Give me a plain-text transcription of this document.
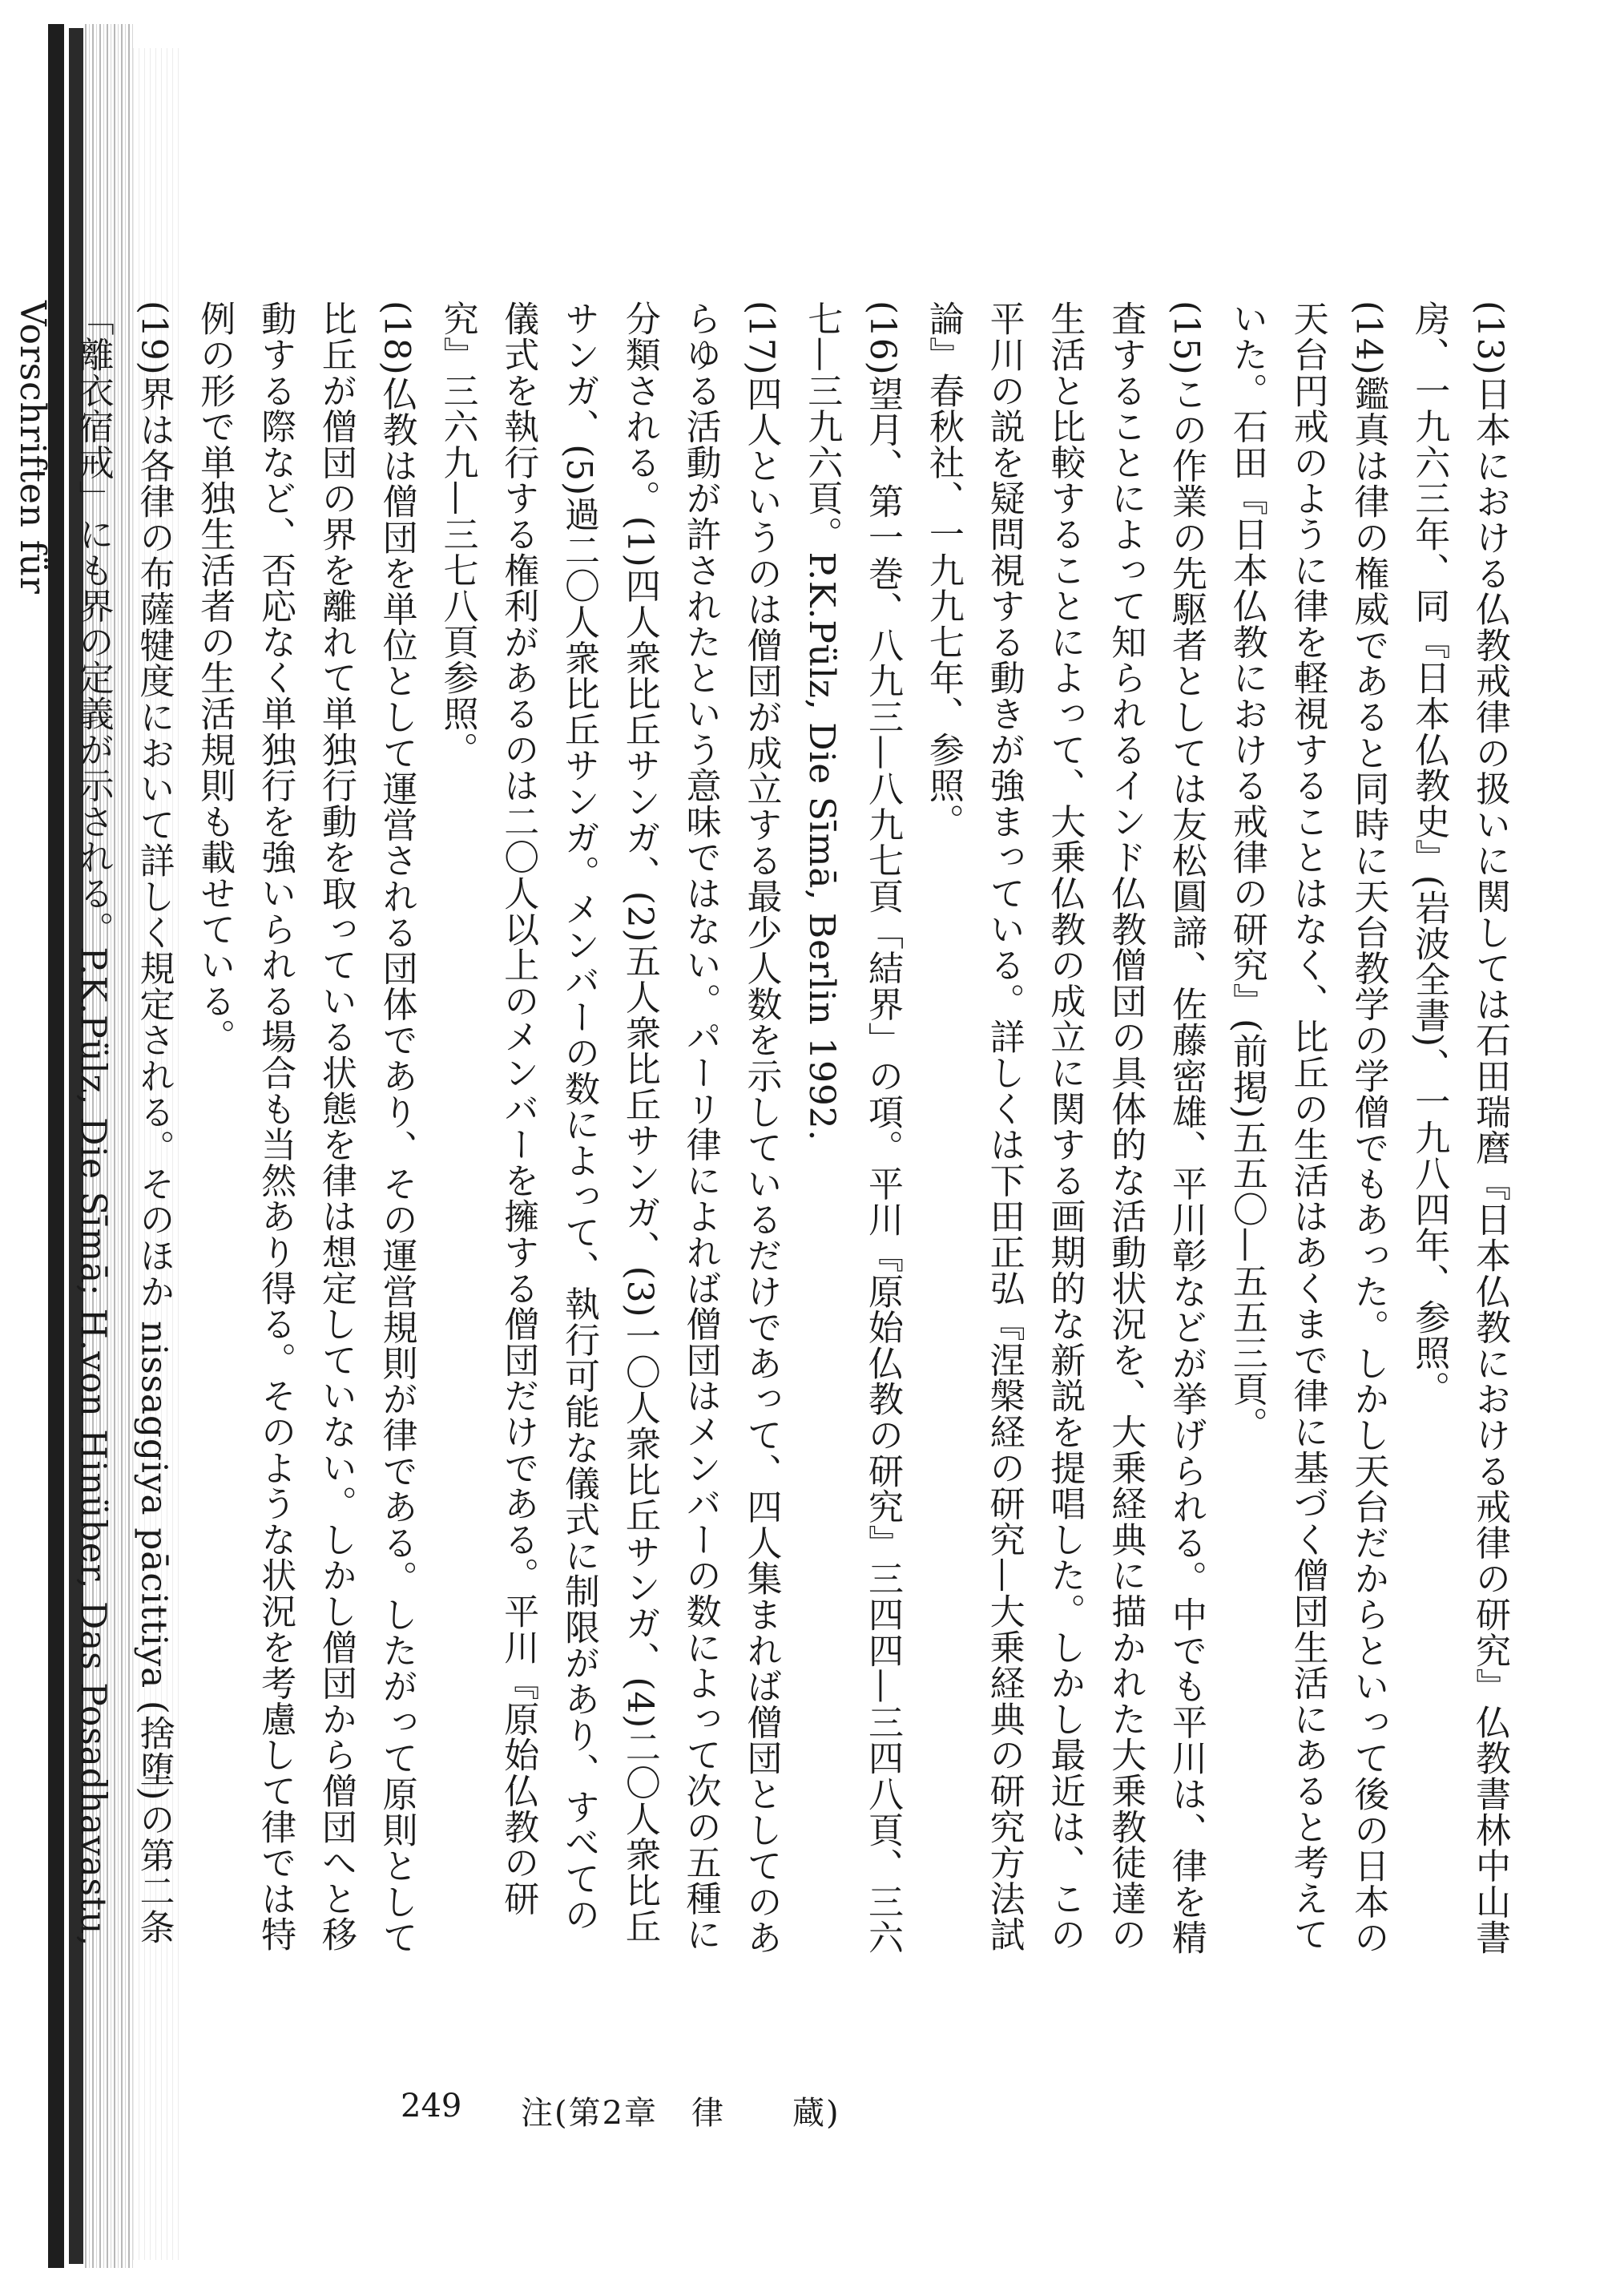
(13)日本における仏教戒律の扱いに関しては石田瑞麿『日本仏教における戒律の研究』仏教書林中山書房、一九六三年、同『日本仏教史』(岩波全書)、一九八四年、参照。

(14)鑑真は律の権威であると同時に天台教学の学僧でもあった。しかし天台だからといって後の日本の天台円戒のように律を軽視することはなく、比丘の生活はあくまで律に基づく僧団生活にあると考えていた。石田『日本仏教における戒律の研究』(前掲)五五〇—五五三頁。

(15)この作業の先駆者としては友松圓諦、佐藤密雄、平川彰などが挙げられる。中でも平川は、律を精査することによって知られるインド仏教僧団の具体的な活動状況を、大乗経典に描かれた大乗教徒達の生活と比較することによって、大乗仏教の成立に関する画期的な新説を提唱した。しかし最近は、この平川の説を疑問視する動きが強まっている。詳しくは下田正弘『涅槃経の研究—大乗経典の研究方法試論』春秋社、一九九七年、参照。

(16)望月、第一巻、八九三—八九七頁「結界」の項。平川『原始仏教の研究』三四四—三四八頁、三六七—三九六頁。P.K.Pülz, Die Sīmā, Berlin 1992.

(17)四人というのは僧団が成立する最少人数を示しているだけであって、四人集まれば僧団としてのあらゆる活動が許されたという意味ではない。パーリ律によれば僧団はメンバーの数によって次の五種に分類される。(1)四人衆比丘サンガ、(2)五人衆比丘サンガ、(3)一〇人衆比丘サンガ、(4)二〇人衆比丘サンガ、(5)過二〇人衆比丘サンガ。メンバーの数によって、執行可能な儀式に制限があり、すべての儀式を執行する権利があるのは二〇人以上のメンバーを擁する僧団だけである。平川『原始仏教の研究』三六九—三七八頁参照。

(18)仏教は僧団を単位として運営される団体であり、その運営規則が律である。したがって原則として比丘が僧団の界を離れて単独行動を取っている状態を律は想定していない。しかし僧団から僧団へと移動する際など、否応なく単独行を強いられる場合も当然あり得る。そのような状況を考慮して律では特例の形で単独生活者の生活規則も載せている。

(19)界は各律の布薩犍度において詳しく規定される。そのほか nissaggiya pācittiya (捨堕)の第二条「離衣宿戒」にも界の定義が示される。P.K.Pülz, Die Sīmā; H.von Hinüber, Das Posadhavastu, Vorschriften für

249 注(第2章　律　　蔵)
